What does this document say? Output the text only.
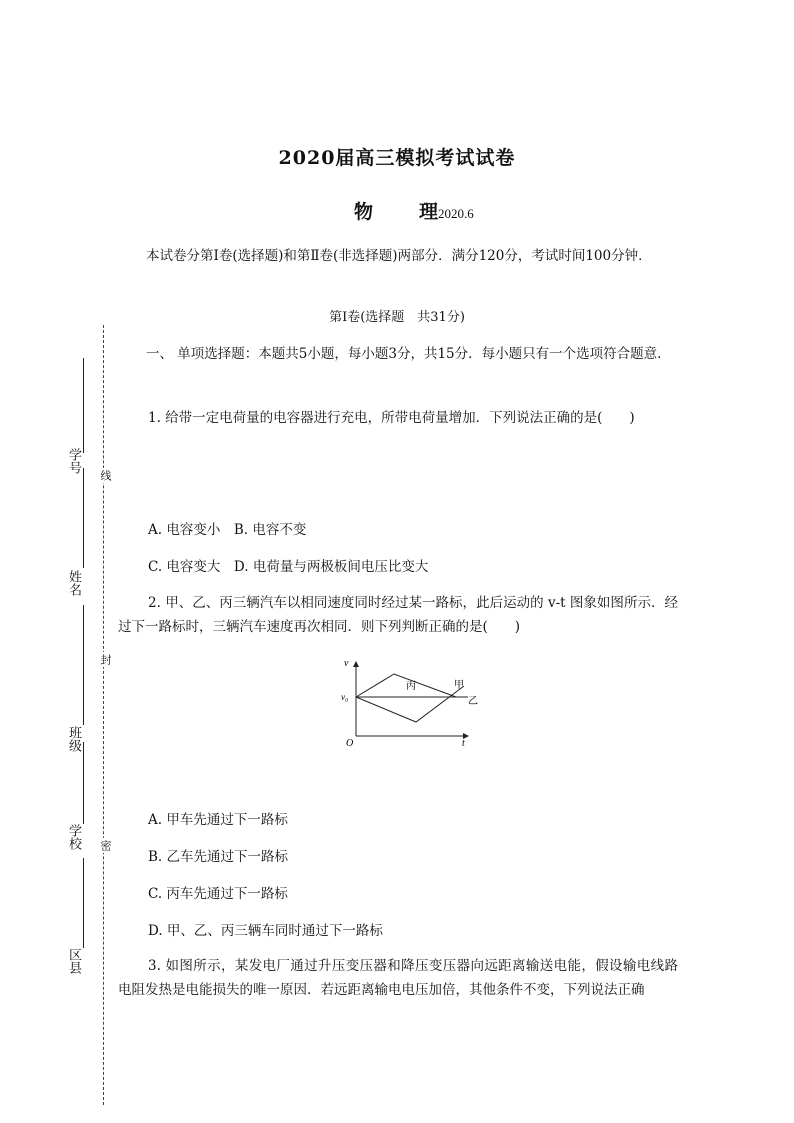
学号
姓名
班级
学校
区县
线
封
密
2020届高三模拟考试试卷
物 理2020.6
本试卷分第Ⅰ卷(选择题)和第Ⅱ卷(非选择题)两部分．满分120分，考试时间100分钟．
第Ⅰ卷(选择题　共31分)
一、 单项选择题：本题共5小题，每小题3分，共15分．每小题只有一个选项符合题意．
1. 给带一定电荷量的电容器进行充电，所带电荷量增加．下列说法正确的是(　　)
A. 电容变小　B. 电容不变
C. 电容变大　D. 电荷量与两极板间电压比变大
2. 甲、乙、丙三辆汽车以相同速度同时经过某一路标，此后运动的 v-t 图象如图所示．经过下一路标时，三辆汽车速度再次相同．则下列判断正确的是(　　)
v
v₀
O	t
丙	甲
乙
A. 甲车先通过下一路标
B. 乙车先通过下一路标
C. 丙车先通过下一路标
D. 甲、乙、丙三辆车同时通过下一路标
3. 如图所示，某发电厂通过升压变压器和降压变压器向远距离输送电能，假设输电线路电阻发热是电能损失的唯一原因．若远距离输电电压加倍，其他条件不变，下列说法正确
